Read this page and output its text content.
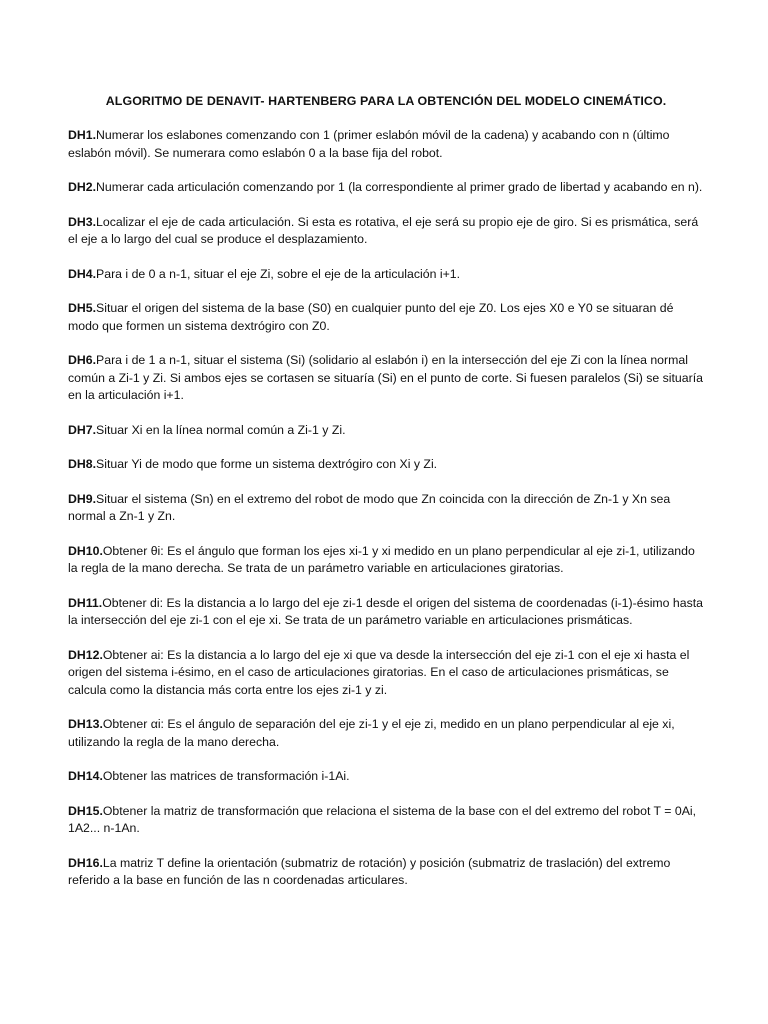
ALGORITMO DE DENAVIT- HARTENBERG PARA LA OBTENCIÓN DEL MODELO CINEMÁTICO.
DH1.Numerar los eslabones comenzando con 1 (primer eslabón móvil de la cadena) y acabando con n (último eslabón móvil). Se numerara como eslabón 0 a la base fija del robot.
DH2.Numerar cada articulación comenzando por 1 (la correspondiente al primer grado de libertad y acabando en n).
DH3.Localizar el eje de cada articulación. Si esta es rotativa, el eje será su propio eje de giro. Si es prismática, será el eje a lo largo del cual se produce el desplazamiento.
DH4.Para i de 0 a n-1, situar el eje Zi, sobre el eje de la articulación i+1.
DH5.Situar el origen del sistema de la base (S0) en cualquier punto del eje Z0. Los ejes X0 e Y0 se situaran dé modo que formen un sistema dextrógiro con Z0.
DH6.Para i de 1 a n-1, situar el sistema (Si) (solidario al eslabón i) en la intersección del eje Zi con la línea normal común a Zi-1 y Zi. Si ambos ejes se cortasen se situaría (Si) en el punto de corte. Si fuesen paralelos (Si) se situaría en la articulación i+1.
DH7.Situar Xi en la línea normal común a Zi-1 y Zi.
DH8.Situar Yi de modo que forme un sistema dextrógiro con Xi y Zi.
DH9.Situar el sistema (Sn) en el extremo del robot de modo que Zn coincida con la dirección de Zn-1 y Xn sea normal a Zn-1 y Zn.
DH10.Obtener θi: Es el ángulo que forman los ejes xi-1 y xi medido en un plano perpendicular al eje zi-1, utilizando la regla de la mano derecha. Se trata de un parámetro variable en articulaciones giratorias.
DH11.Obtener di: Es la distancia a lo largo del eje zi-1 desde el origen del sistema de coordenadas (i-1)-ésimo hasta la intersección del eje zi-1 con el eje xi. Se trata de un parámetro variable en articulaciones prismáticas.
DH12.Obtener ai: Es la distancia a lo largo del eje xi que va desde la intersección del eje zi-1 con el eje xi hasta el origen del sistema i-ésimo, en el caso de articulaciones giratorias. En el caso de articulaciones prismáticas, se calcula como la distancia más corta entre los ejes zi-1 y zi.
DH13.Obtener αi: Es el ángulo de separación del eje zi-1 y el eje zi, medido en un plano perpendicular al eje xi, utilizando la regla de la mano derecha.
DH14.Obtener las matrices de transformación i-1Ai.
DH15.Obtener la matriz de transformación que relaciona el sistema de la base con el del extremo del robot T = 0Ai, 1A2... n-1An.
DH16.La matriz T define la orientación (submatriz de rotación) y posición (submatriz de traslación) del extremo referido a la base en función de las n coordenadas articulares.
